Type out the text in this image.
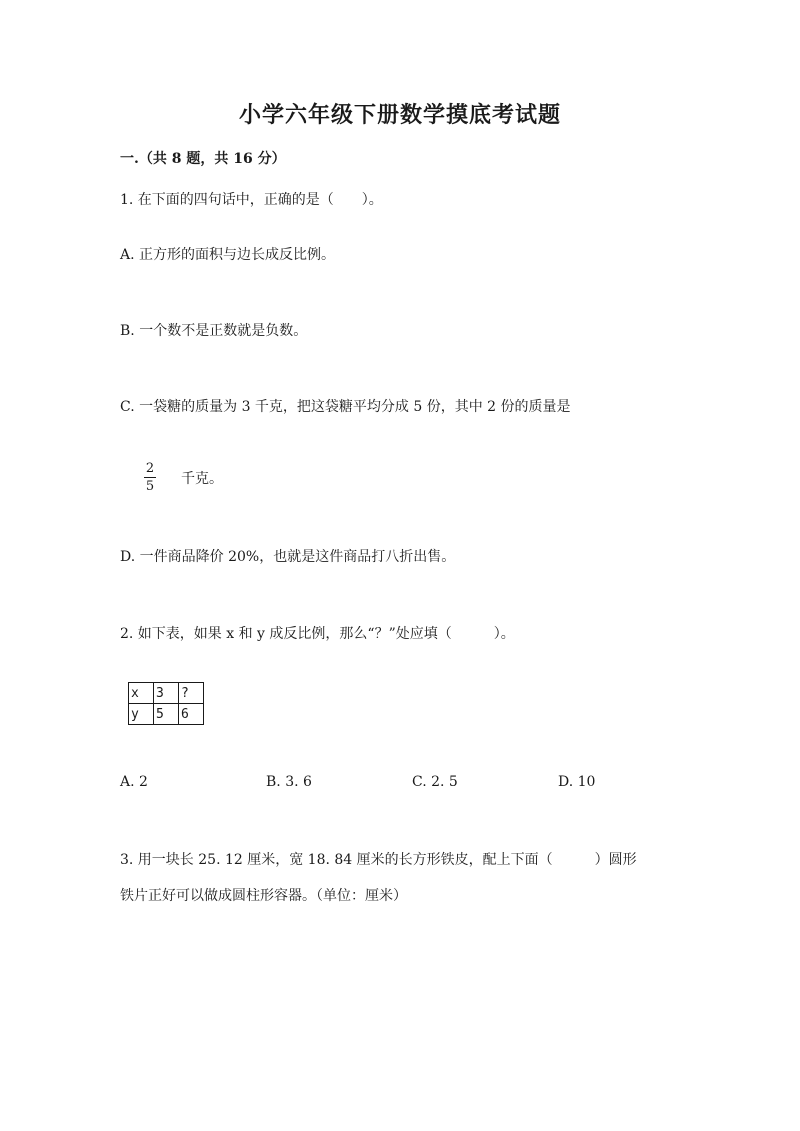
小学六年级下册数学摸底考试题
一.（共 8 题，共 16 分）
1. 在下面的四句话中，正确的是（　　）。
A. 正方形的面积与边长成反比例。
B. 一个数不是正数就是负数。
C. 一袋糖的质量为 3 千克，把这袋糖平均分成 5 份，其中 2 份的质量是
2
5 千克。
D. 一件商品降价 20%，也就是这件商品打八折出售。
2. 如下表，如果 x 和 y 成反比例，那么“？”处应填（　　　）。
x	3	?
y	5	6
A. 2	B. 3. 6	C. 2. 5	D. 10
3. 用一块长 25. 12 厘米，宽 18. 84 厘米的长方形铁皮，配上下面（　　　）圆形
铁片正好可以做成圆柱形容器。（单位：厘米）
